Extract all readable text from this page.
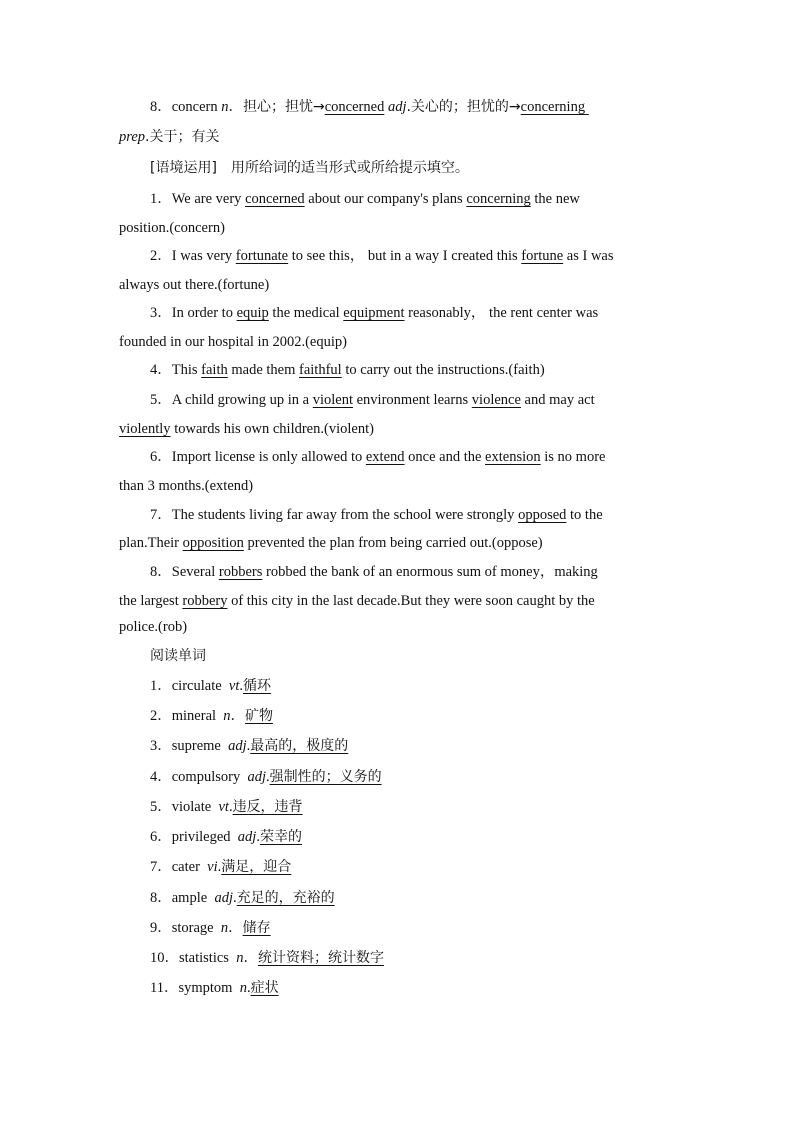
8．concern n．担心；担忧→concerned adj.关心的；担忧的→concerning
prep.关于；有关
[语境运用]　用所给词的适当形式或所给提示填空。
1．We are very concerned about our company's plans concerning the new
position.(concern)
2．I was very fortunate to see this， but in a way I created this fortune as I was
always out there.(fortune)
3．In order to equip the medical equipment reasonably， the rent center was
founded in our hospital in 2002.(equip)
4．This faith made them faithful to carry out the instructions.(faith)
5．A child growing up in a violent environment learns violence and may act
violently towards his own children.(violent)
6．Import license is only allowed to extend once and the extension is no more
than 3 months.(extend)
7．The students living far away from the school were strongly opposed to the
plan.Their opposition prevented the plan from being carried out.(oppose)
8．Several robbers robbed the bank of an enormous sum of money，making
the largest robbery of this city in the last decade.But they were soon caught by the
police.(rob)
阅读单词
1．circulate vt.循环
2．mineral n．矿物
3．supreme adj.最高的，极度的
4．compulsory adj.强制性的；义务的
5．violate vt.违反，违背
6．privileged adj.荣幸的
7．cater vi.满足，迎合
8．ample adj.充足的，充裕的
9．storage n．储存
10．statistics n．统计资料；统计数字
11．symptom n.症状
